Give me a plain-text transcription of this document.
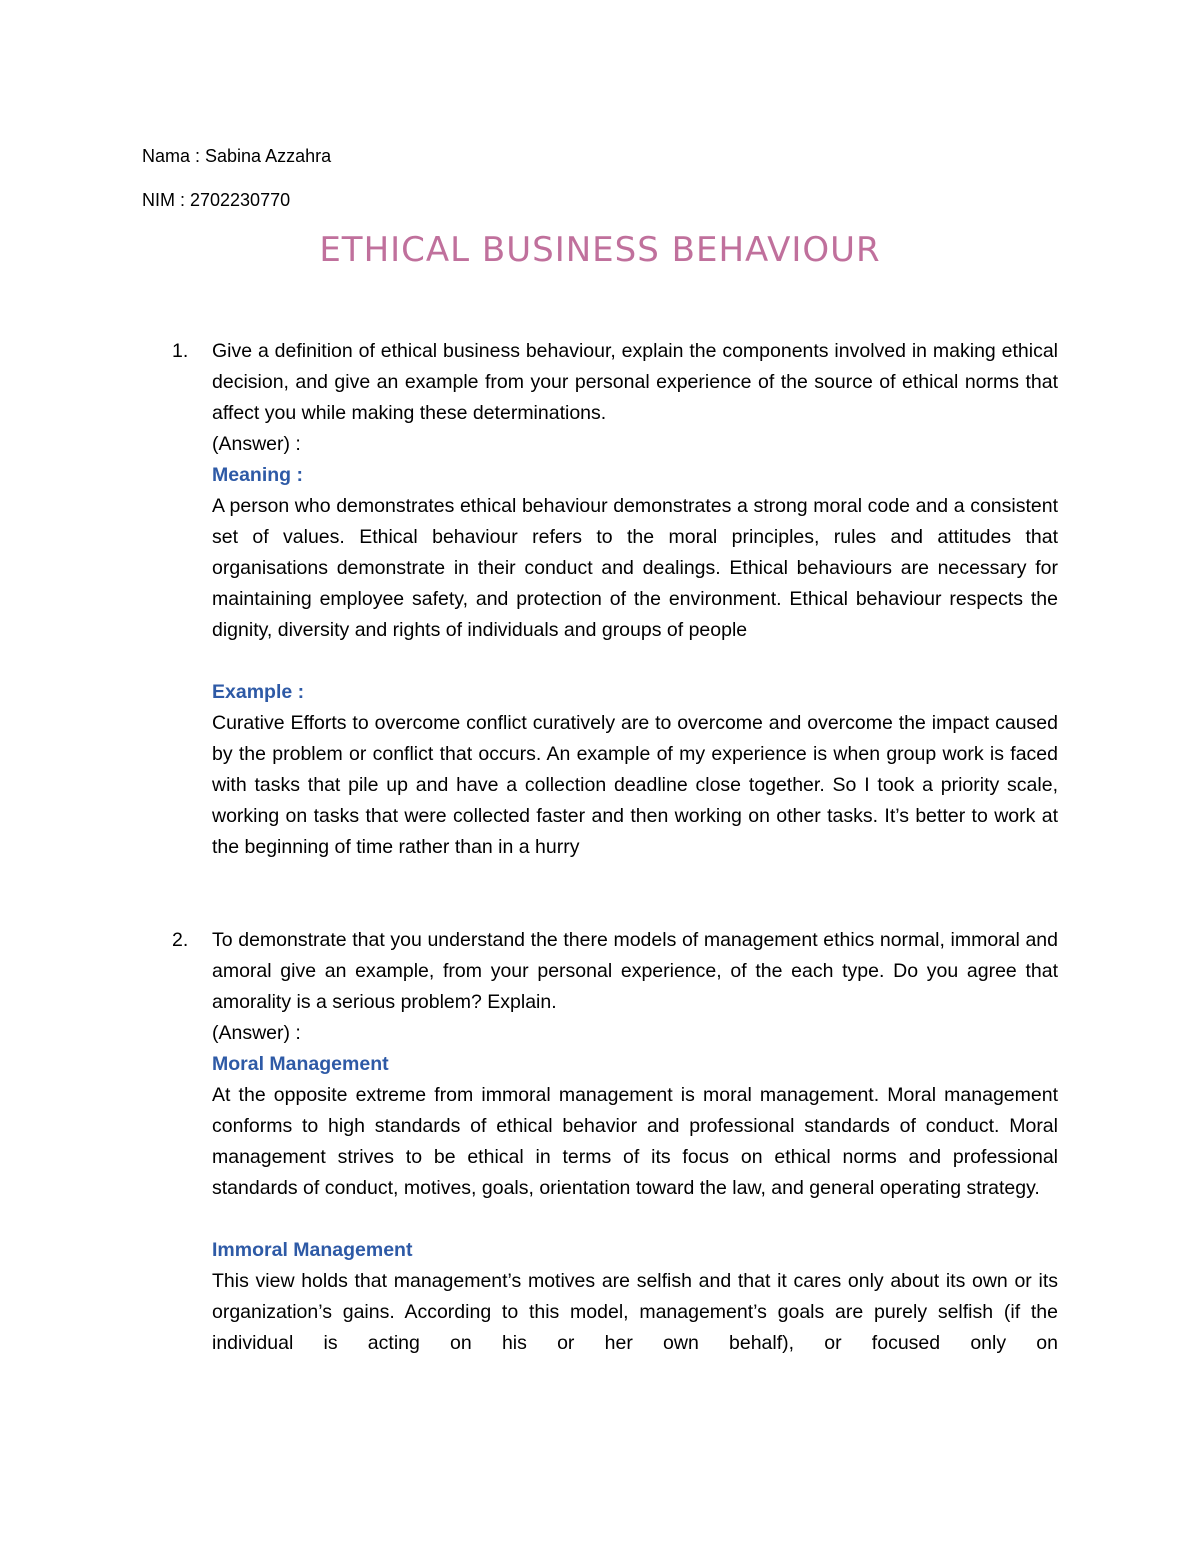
Nama : Sabina Azzahra
NIM : 2702230770
ETHICAL BUSINESS BEHAVIOUR
1. Give a definition of ethical business behaviour, explain the components involved in making ethical decision, and give an example from your personal experience of the source of ethical norms that affect you while making these determinations.

(Answer) :

Meaning :

A person who demonstrates ethical behaviour demonstrates a strong moral code and a consistent set of values. Ethical behaviour refers to the moral principles, rules and attitudes that organisations demonstrate in their conduct and dealings. Ethical behaviours are necessary for maintaining employee safety, and protection of the environment. Ethical behaviour respects the dignity, diversity and rights of individuals and groups of people

Example :

Curative Efforts to overcome conflict curatively are to overcome and overcome the impact caused by the problem or conflict that occurs. An example of my experience is when group work is faced with tasks that pile up and have a collection deadline close together. So I took a priority scale, working on tasks that were collected faster and then working on other tasks. It’s better to work at the beginning of time rather than in a hurry

2. To demonstrate that you understand the there models of management ethics normal, immoral and amoral give an example, from your personal experience, of the each type. Do you agree that amorality is a serious problem? Explain.

(Answer) :

Moral Management

At the opposite extreme from immoral management is moral management. Moral management conforms to high standards of ethical behavior and professional standards of conduct. Moral management strives to be ethical in terms of its focus on ethical norms and professional standards of conduct, motives, goals, orientation toward the law, and general operating strategy.

Immoral Management

This view holds that management’s motives are selfish and that it cares only about its own or its organization’s gains. According to this model, management’s goals are purely selfish (if the individual is acting on his or her own behalf), or focused only on
